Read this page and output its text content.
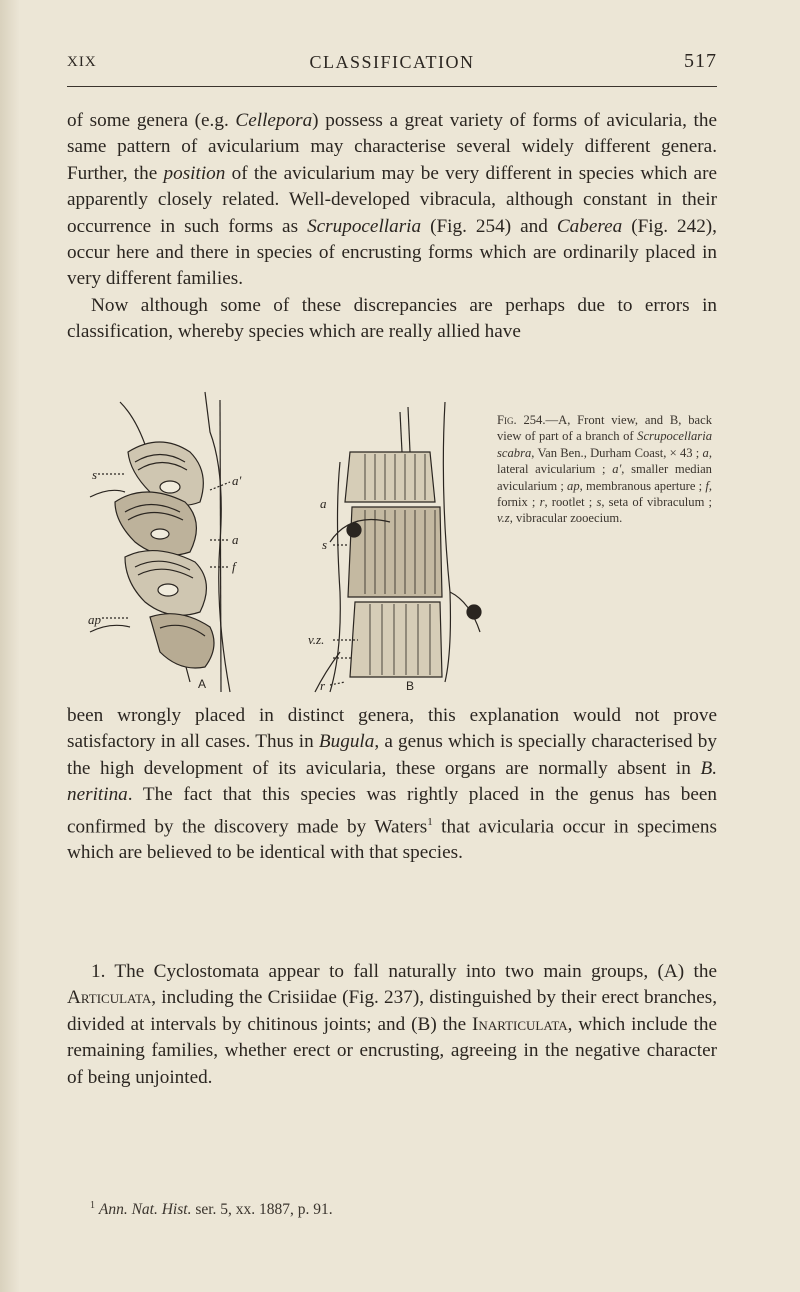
XIX	CLASSIFICATION	517

of some genera (e.g. Cellepora) possess a great variety of forms of avicularia, the same pattern of avicularium may characterise several widely different genera. Further, the position of the avicularium may be very different in species which are apparently closely related. Well-developed vibracula, although constant in their occurrence in such forms as Scrupocellaria (Fig. 254) and Caberea (Fig. 242), occur here and there in species of encrusting forms which are ordinarily placed in very different families.
Now although some of these discrepancies are perhaps due to errors in classification, whereby species which are really allied have

s
ap
a'
a
f
a
s
v.z.
r
A	B
Fig. 254.—A, Front view, and B, back view of part of a branch of Scrupocellaria scabra, Van Ben., Durham Coast, × 43 ; a, lateral avicularium ; a', smaller median avicularium ; ap, membranous aperture ; f, fornix ; r, rootlet ; s, seta of vibraculum ; v.z, vibracular zooecium.

been wrongly placed in distinct genera, this explanation would not prove satisfactory in all cases. Thus in Bugula, a genus which is specially characterised by the high development of its avicularia, these organs are normally absent in B. neritina. The fact that this species was rightly placed in the genus has been confirmed by the discovery made by Waters$^1$ that avicularia occur in specimens which are believed to be identical with that species.

1. The Cyclostomata appear to fall naturally into two main groups, (A) the Articulata, including the Crisiidae (Fig. 237), distinguished by their erect branches, divided at intervals by chitinous joints; and (B) the Inarticulata, which include the remaining families, whether erect or encrusting, agreeing in the negative character of being unjointed.

$^1$ Ann. Nat. Hist. ser. 5, xx. 1887, p. 91.
